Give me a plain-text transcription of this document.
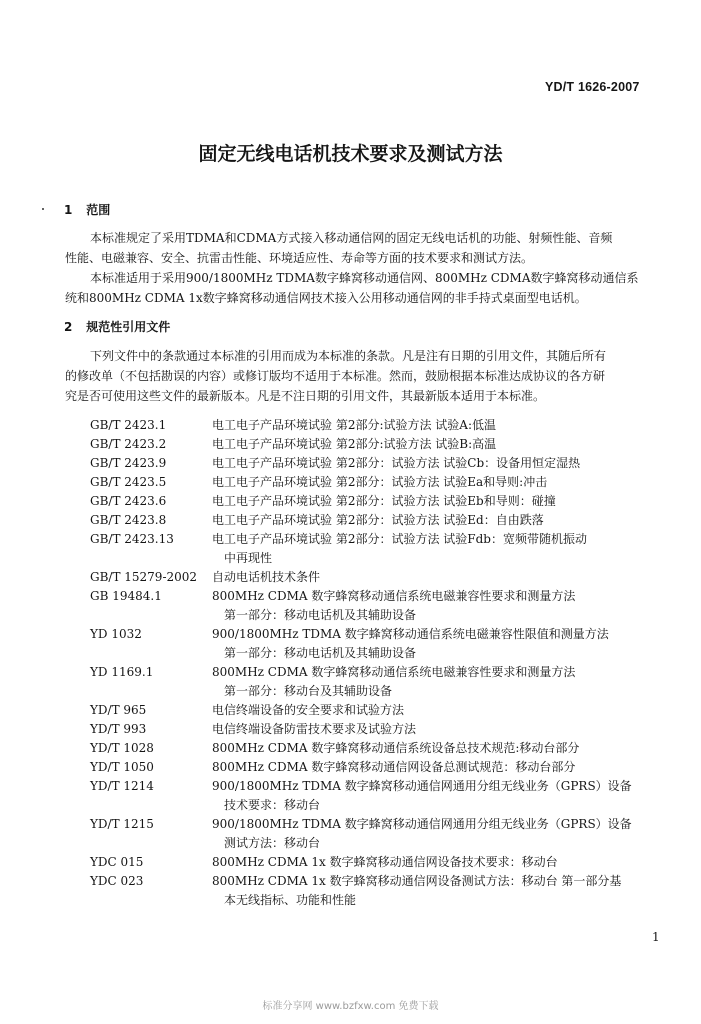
YD/T 1626-2007
固定无线电话机技术要求及测试方法
1 范围
本标准规定了采用TDMA和CDMA方式接入移动通信网的固定无线电话机的功能、射频性能、音频
性能、电磁兼容、安全、抗雷击性能、环境适应性、寿命等方面的技术要求和测试方法。
本标准适用于采用900/1800MHz TDMA数字蜂窝移动通信网、800MHz CDMA数字蜂窝移动通信系
统和800MHz CDMA 1x数字蜂窝移动通信网技术接入公用移动通信网的非手持式桌面型电话机。
2 规范性引用文件
下列文件中的条款通过本标准的引用而成为本标准的条款。凡是注有日期的引用文件，其随后所有
的修改单（不包括勘误的内容）或修订版均不适用于本标准。然而，鼓励根据本标准达成协议的各方研
究是否可使用这些文件的最新版本。凡是不注日期的引用文件，其最新版本适用于本标准。
GB/T 2423.1	电工电子产品环境试验 第2部分:试验方法 试验A:低温
GB/T 2423.2	电工电子产品环境试验 第2部分:试验方法 试验B:高温
GB/T 2423.9	电工电子产品环境试验 第2部分：试验方法 试验Cb：设备用恒定湿热
GB/T 2423.5	电工电子产品环境试验 第2部分：试验方法 试验Ea和导则:冲击
GB/T 2423.6	电工电子产品环境试验 第2部分：试验方法 试验Eb和导则：碰撞
GB/T 2423.8	电工电子产品环境试验 第2部分：试验方法 试验Ed：自由跌落
GB/T 2423.13	电工电子产品环境试验 第2部分：试验方法 试验Fdb：宽频带随机振动
中再现性
GB/T 15279-2002	自动电话机技术条件
GB 19484.1	800MHz CDMA 数字蜂窝移动通信系统电磁兼容性要求和测量方法
第一部分：移动电话机及其辅助设备
YD 1032	900/1800MHz TDMA 数字蜂窝移动通信系统电磁兼容性限值和测量方法
第一部分：移动电话机及其辅助设备
YD 1169.1	800MHz CDMA 数字蜂窝移动通信系统电磁兼容性要求和测量方法
第一部分：移动台及其辅助设备
YD/T 965	电信终端设备的安全要求和试验方法
YD/T 993	电信终端设备防雷技术要求及试验方法
YD/T 1028	800MHz CDMA 数字蜂窝移动通信系统设备总技术规范:移动台部分
YD/T 1050	800MHz CDMA 数字蜂窝移动通信网设备总测试规范：移动台部分
YD/T 1214	900/1800MHz TDMA 数字蜂窝移动通信网通用分组无线业务（GPRS）设备
技术要求：移动台
YD/T 1215	900/1800MHz TDMA 数字蜂窝移动通信网通用分组无线业务（GPRS）设备
测试方法：移动台
YDC 015	800MHz CDMA 1x 数字蜂窝移动通信网设备技术要求：移动台
YDC 023	800MHz CDMA 1x 数字蜂窝移动通信网设备测试方法：移动台 第一部分基
本无线指标、功能和性能
1
标准分享网 www.bzfxw.com 免费下载
